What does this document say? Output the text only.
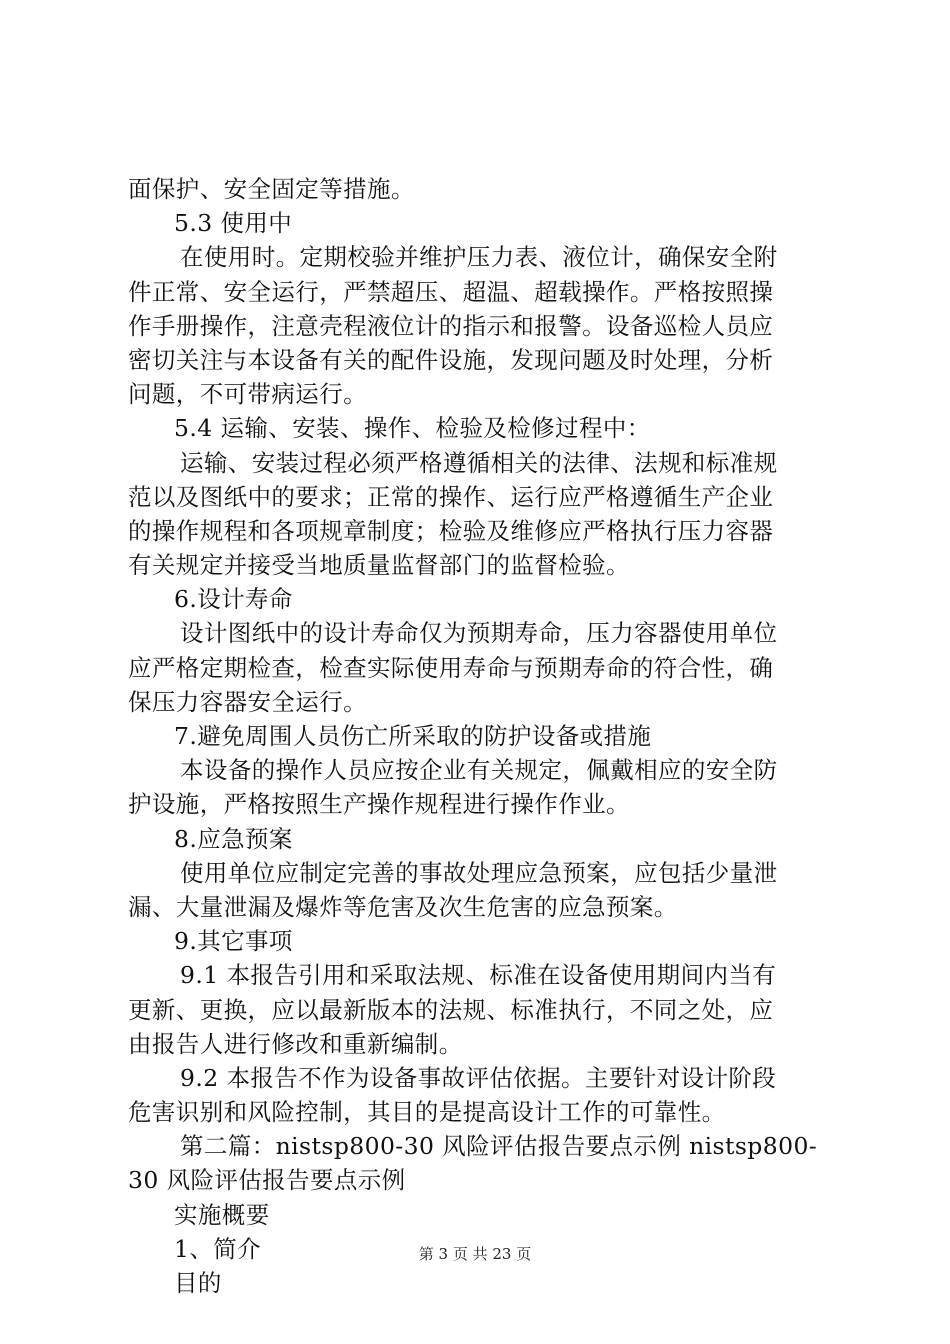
面保护、安全固定等措施。
5.3 使用中
在使用时。定期校验并维护压力表、液位计，确保安全附
件正常、安全运行，严禁超压、超温、超载操作。严格按照操
作手册操作，注意壳程液位计的指示和报警。设备巡检人员应
密切关注与本设备有关的配件设施，发现问题及时处理，分析
问题，不可带病运行。
5.4 运输、安装、操作、检验及检修过程中：
运输、安装过程必须严格遵循相关的法律、法规和标准规
范以及图纸中的要求；正常的操作、运行应严格遵循生产企业
的操作规程和各项规章制度；检验及维修应严格执行压力容器
有关规定并接受当地质量监督部门的监督检验。
6.设计寿命
设计图纸中的设计寿命仅为预期寿命，压力容器使用单位
应严格定期检查，检查实际使用寿命与预期寿命的符合性，确
保压力容器安全运行。
7.避免周围人员伤亡所采取的防护设备或措施
本设备的操作人员应按企业有关规定，佩戴相应的安全防
护设施，严格按照生产操作规程进行操作作业。
8.应急预案
使用单位应制定完善的事故处理应急预案，应包括少量泄
漏、大量泄漏及爆炸等危害及次生危害的应急预案。
9.其它事项
9.1 本报告引用和采取法规、标准在设备使用期间内当有
更新、更换，应以最新版本的法规、标准执行，不同之处，应
由报告人进行修改和重新编制。
9.2 本报告不作为设备事故评估依据。主要针对设计阶段
危害识别和风险控制，其目的是提高设计工作的可靠性。
第二篇：nistsp800-30 风险评估报告要点示例 nistsp800-
30 风险评估报告要点示例
实施概要
1、简介
目的
第 3 页 共 23 页
